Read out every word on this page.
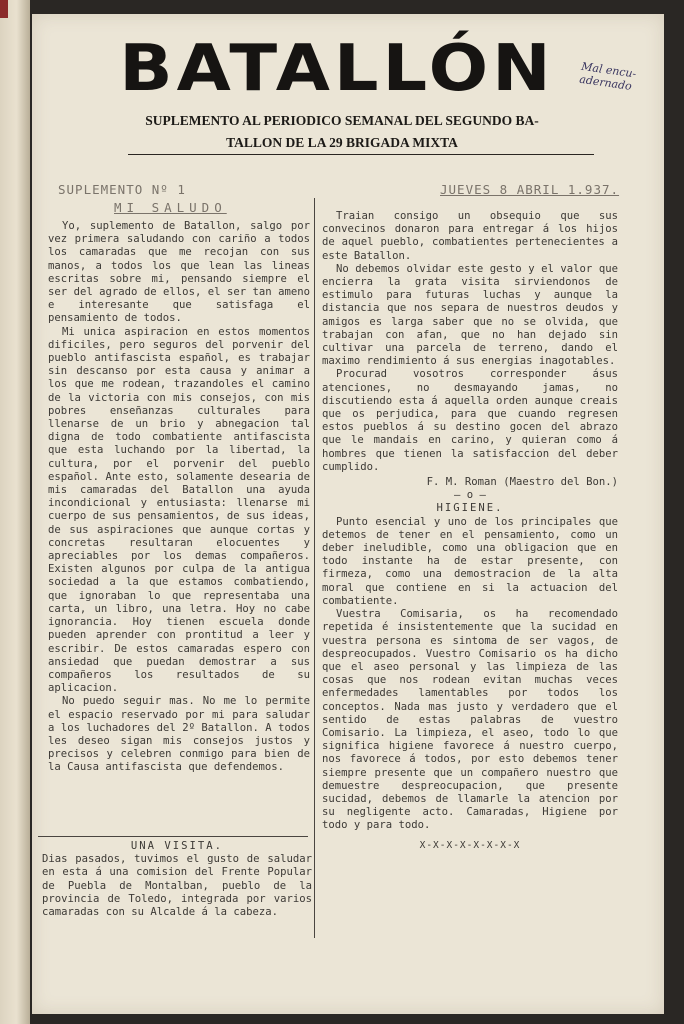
BATALLÓN	Mal encu-adernado
SUPLEMENTO AL PERIODICO SEMANAL DEL SEGUNDO BA-
TALLON DE LA 29 BRIGADA MIXTA
SUPLEMENTO Nº 1	JUEVES 8 ABRIL 1.937.
MI SALUDO

Yo, suplemento de Batallon, salgo por vez primera saludando con cariño a todos los camaradas que me recojan con sus manos, a todos los que lean las lineas escritas sobre mi, pensando siempre el ser del agrado de ellos, el ser tan ameno e interesante que satisfaga el pensamiento de todos.

Mi unica aspiracion en estos momentos dificiles, pero seguros del porvenir del pueblo antifascista español, es trabajar sin descanso por esta causa y animar a los que me rodean, trazandoles el camino de la victoria con mis consejos, con mis pobres enseñanzas culturales para llenarse de un brio y abnegacion tal digna de todo combatiente antifascista que esta luchando por la libertad, la cultura, por el porvenir del pueblo español. Ante esto, solamente desearia de mis camaradas del Batallon una ayuda incondicional y entusiasta: llenarse mi cuerpo de sus pensamientos, de sus ideas, de sus aspiraciones que aunque cortas y concretas resultaran elocuentes y apreciables por los demas compañeros. Existen algunos por culpa de la antigua sociedad a la que estamos combatiendo, que ignoraban lo que representaba una carta, un libro, una letra. Hoy no cabe ignorancia. Hoy tienen escuela donde pueden aprender con prontitud a leer y escribir. De estos camaradas espero con ansiedad que puedan demostrar a sus compañeros los resultados de su aplicacion.

No puedo seguir mas. No me lo permite el espacio reservado por mi para saludar a los luchadores del 2º Batallon. A todos les deseo sigan mis consejos justos y precisos y celebren conmigo para bien de la Causa antifascista que defendemos.

UNA VISITA.

Dias pasados, tuvimos el gusto de saludar en esta á una comision del Frente Popular de Puebla de Montalban, pueblo de la provincia de Toledo, integrada por varios camaradas con su Alcalde á la cabeza.

Traian consigo un obsequio que sus convecinos donaron para entregar á los hijos de aquel pueblo, combatientes pertenecientes a este Batallon.

No debemos olvidar este gesto y el valor que encierra la grata visita sirviendonos de estimulo para futuras luchas y aunque la distancia que nos separa de nuestros deudos y amigos es larga saber que no se olvida, que trabajan con afan, que no han dejado sin cultivar una parcela de terreno, dando el maximo rendimiento á sus energias inagotables.

Procurad vosotros corresponder ásus atenciones, no desmayando jamas, no discutiendo esta á aquella orden aunque creais que os perjudica, para que cuando regresen estos pueblos á su destino gocen del abrazo que le mandais en carino, y quieran como á hombres que tienen la satisfaccion del deber cumplido.

F. M. Roman (Maestro del Bon.)

– o –

HIGIENE.

Punto esencial y uno de los principales que detemos de tener en el pensamiento, como un deber ineludible, como una obligacion que en todo instante ha de estar presente, con firmeza, como una demostracion de la alta moral que contiene en si la actuacion del combatiente.

Vuestra Comisaria, os ha recomendado repetida é insistentemente que la sucidad en vuestra persona es sintoma de ser vagos, de despreocupados. Vuestro Comisario os ha dicho que el aseo personal y las limpieza de las cosas que nos rodean evitan muchas veces enfermedades lamentables por todos los conceptos. Nada mas justo y verdadero que el sentido de estas palabras de vuestro Comisario. La limpieza, el aseo, todo lo que significa higiene favorece á nuestro cuerpo, nos favorece á todos, por esto debemos tener siempre presente que un compañero nuestro que demuestre despreocupacion, que presente sucidad, debemos de llamarle la atencion por su negligente acto. Camaradas, Higiene por todo y para todo.

X-X-X-X-X-X-X-X
